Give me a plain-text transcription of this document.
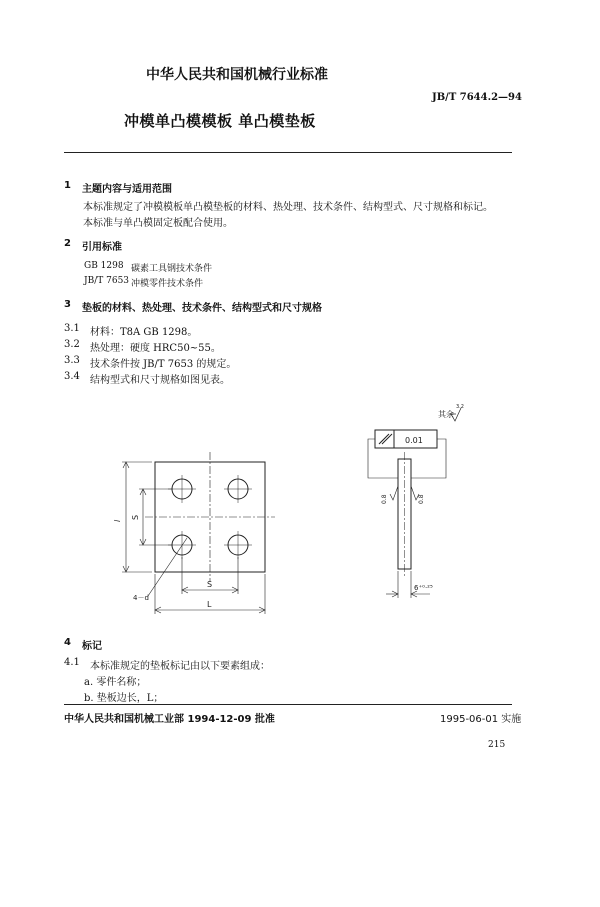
中华人民共和国机械行业标准
JB/T 7644.2—94
冲模单凸模模板 单凸模垫板
1 主题内容与适用范围
本标准规定了冲模模板单凸模垫板的材料、热处理、技术条件、结构型式、尺寸规格和标记。
本标准与单凸模固定板配合使用。
2 引用标准
GB 1298 碳素工具钢技术条件
JB/T 7653 冲模零件技术条件
3 垫板的材料、热处理、技术条件、结构型式和尺寸规格
3.1 材料：T8A GB 1298。
3.2 热处理：硬度 HRC50~55。
3.3 技术条件按 JB/T 7653 的规定。
3.4 结构型式和尺寸规格如图见表。
其余
3.2
0.01
0.8	0.8
l
S
S
L
4－d
6⁺⁰·²⁵
4 标记
4.1 本标准规定的垫板标记由以下要素组成：
a. 零件名称；
b. 垫板边长，L；
中华人民共和国机械工业部 1994-12-09 批准	1995-06-01 实施
215
